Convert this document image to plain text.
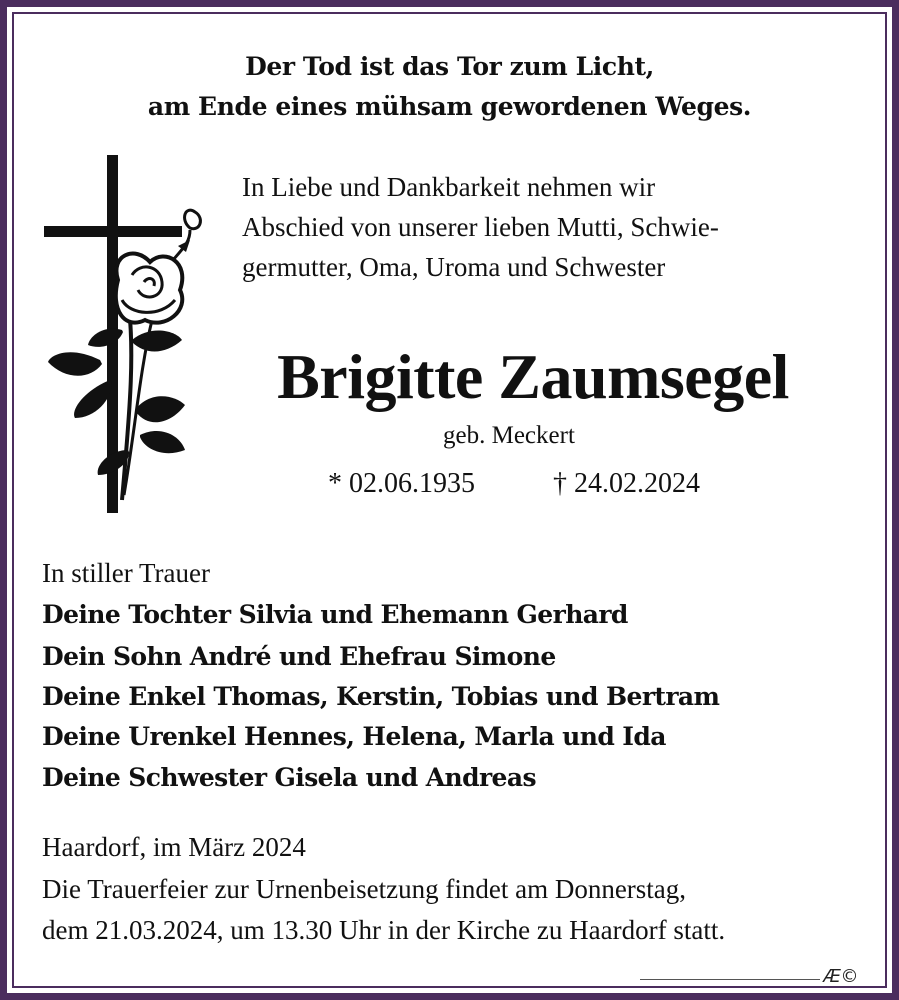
Der Tod ist das Tor zum Licht,
am Ende eines mühsam gewordenen Weges.
In Liebe und Dankbarkeit nehmen wir
Abschied von unserer lieben Mutti, Schwie-
germutter, Oma, Uroma und Schwester
Brigitte Zaumsegel
geb. Meckert
* 02.06.1935	† 24.02.2024
In stiller Trauer
Deine Tochter Silvia und Ehemann Gerhard
Dein Sohn André und Ehefrau Simone
Deine Enkel Thomas, Kerstin, Tobias und Bertram
Deine Urenkel Hennes, Helena, Marla und Ida
Deine Schwester Gisela und Andreas
Haardorf, im März 2024
Die Trauerfeier zur Urnenbeisetzung findet am Donnerstag,
dem 21.03.2024, um 13.30 Uhr in der Kirche zu Haardorf statt.
Æ©
